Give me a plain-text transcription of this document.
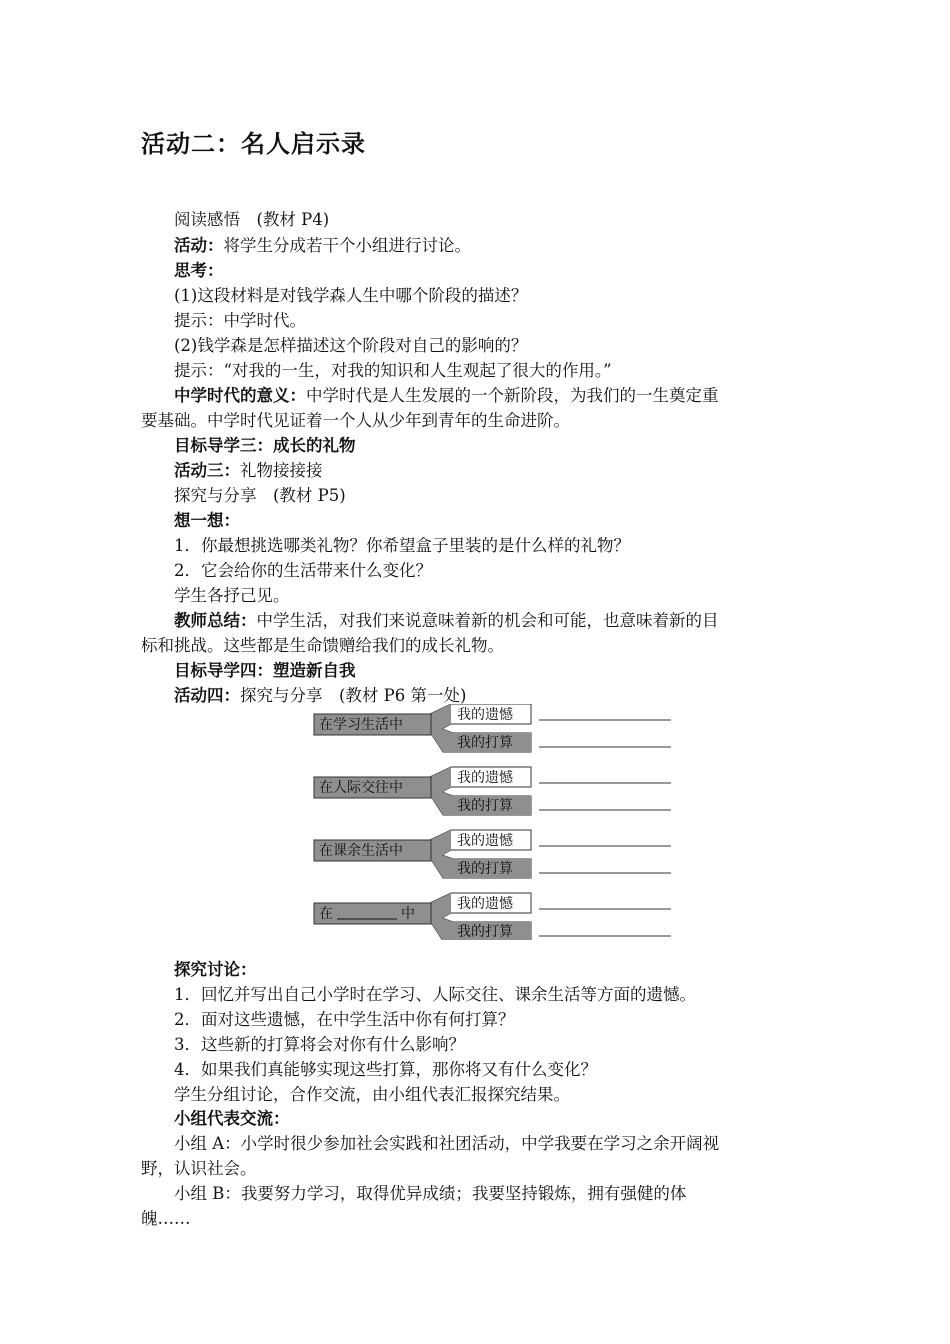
活动二：名人启示录
阅读感悟　(教材 P4)
活动：将学生分成若干个小组进行讨论。
思考：
(1)这段材料是对钱学森人生中哪个阶段的描述？
提示：中学时代。
(2)钱学森是怎样描述这个阶段对自己的影响的？
提示：“对我的一生，对我的知识和人生观起了很大的作用。”
中学时代的意义：中学时代是人生发展的一个新阶段，为我们的一生奠定重
要基础。中学时代见证着一个人从少年到青年的生命进阶。
目标导学三：成长的礼物
活动三：礼物接接接
探究与分享　(教材 P5)
想一想：
1．你最想挑选哪类礼物？你希望盒子里装的是什么样的礼物？
2．它会给你的生活带来什么变化？
学生各抒己见。
教师总结：中学生活，对我们来说意味着新的机会和可能，也意味着新的目
标和挑战。这些都是生命馈赠给我们的成长礼物。
目标导学四：塑造新自我
活动四：探究与分享　(教材 P6 第一处)
在学习生活中
我的遗憾
我的打算
在人际交往中
我的遗憾
我的打算
在课余生活中
我的遗憾
我的打算
在	中
我的遗憾
我的打算
探究讨论：
1．回忆并写出自己小学时在学习、人际交往、课余生活等方面的遗憾。
2．面对这些遗憾，在中学生活中你有何打算？
3．这些新的打算将会对你有什么影响？
4．如果我们真能够实现这些打算，那你将又有什么变化？
学生分组讨论，合作交流，由小组代表汇报探究结果。
小组代表交流：
小组 A：小学时很少参加社会实践和社团活动，中学我要在学习之余开阔视
野，认识社会。
小组 B：我要努力学习，取得优异成绩；我要坚持锻炼，拥有强健的体
魄……
